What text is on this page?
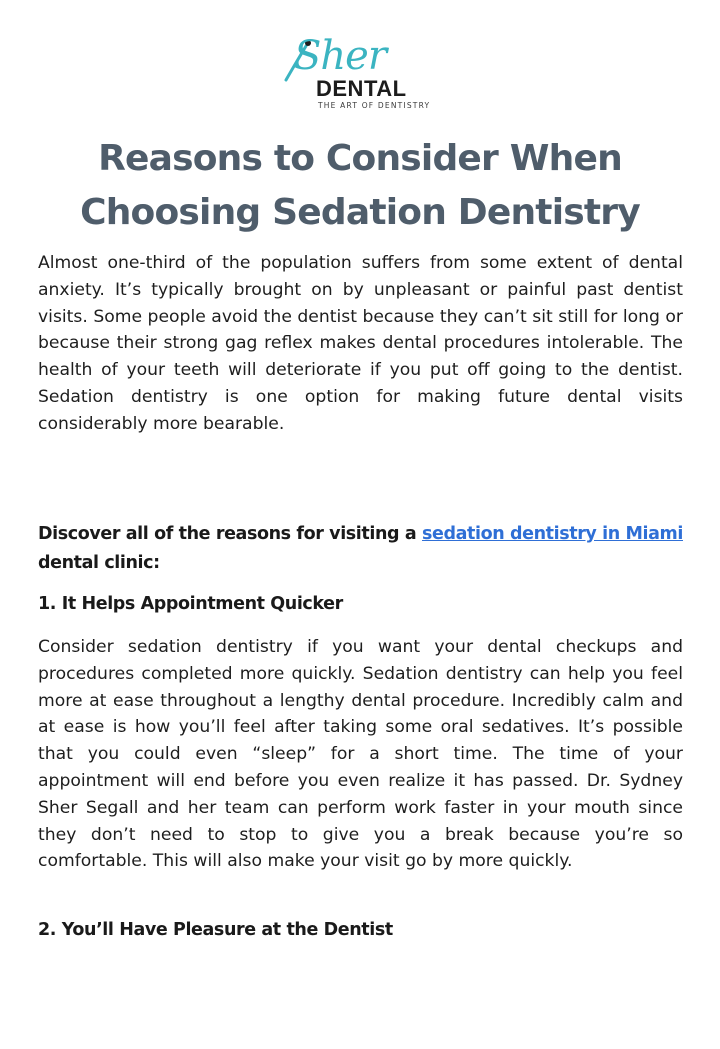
Sher
DENTAL
THE ART OF DENTISTRY
Reasons to Consider When Choosing Sedation Dentistry

Almost one-third of the population suffers from some extent of dental anxiety. It’s typically brought on by unpleasant or painful past dentist visits. Some people avoid the dentist because they can’t sit still for long or because their strong gag reflex makes dental procedures intolerable. The health of your teeth will deteriorate if you put off going to the dentist. Sedation dentistry is one option for making future dental visits considerably more bearable.

Discover all of the reasons for visiting a sedation dentistry in Miami dental clinic:

1. It Helps Appointment Quicker

Consider sedation dentistry if you want your dental checkups and procedures completed more quickly. Sedation dentistry can help you feel more at ease throughout a lengthy dental procedure. Incredibly calm and at ease is how you’ll feel after taking some oral sedatives. It’s possible that you could even “sleep” for a short time. The time of your appointment will end before you even realize it has passed. Dr. Sydney Sher Segall and her team can perform work faster in your mouth since they don’t need to stop to give you a break because you’re so comfortable. This will also make your visit go by more quickly.

2. You’ll Have Pleasure at the Dentist
